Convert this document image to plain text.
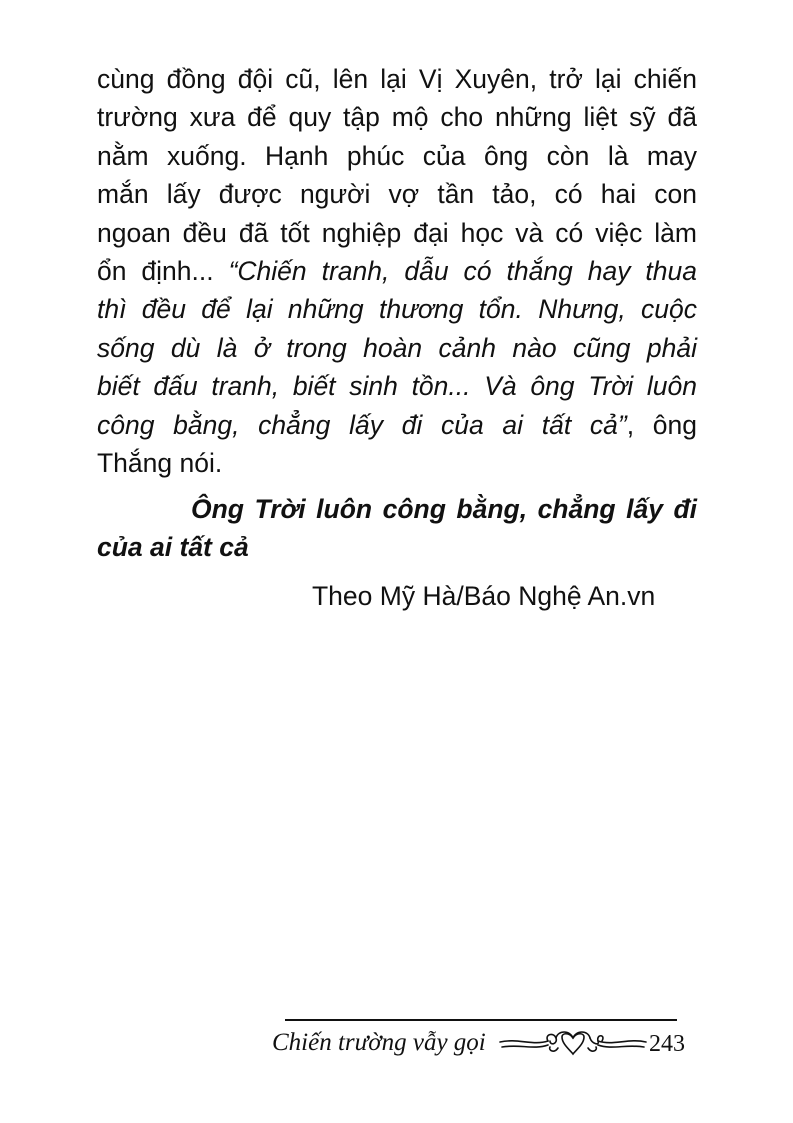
cùng đồng đội cũ, lên lại Vị Xuyên, trở lại chiến
trường xưa để quy tập mộ cho những liệt sỹ đã
nằm xuống. Hạnh phúc của ông còn là may
mắn lấy được người vợ tần tảo, có hai con
ngoan đều đã tốt nghiệp đại học và có việc làm
ổn định... “Chiến tranh, dẫu có thắng hay thua
thì đều để lại những thương tổn. Nhưng, cuộc
sống dù là ở trong hoàn cảnh nào cũng phải
biết đấu tranh, biết sinh tồn... Và ông Trời luôn
công bằng, chẳng lấy đi của ai tất cả”, ông
Thắng nói.
Ông Trời luôn công bằng, chẳng lấy đi
của ai tất cả
Theo Mỹ Hà/Báo Nghệ An.vn
Chiến trường vẫy gọi	243
